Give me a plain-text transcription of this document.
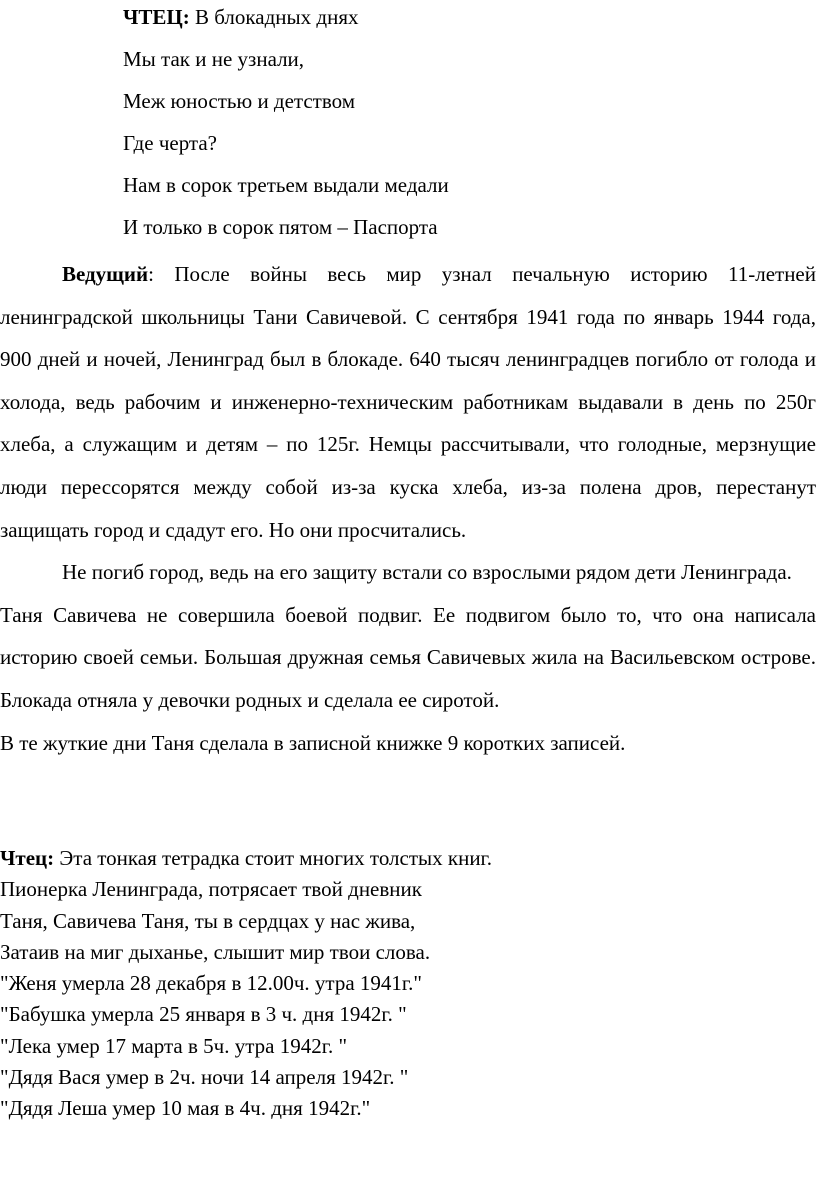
ЧТЕЦ: В блокадных днях
Мы так и не узнали,
Меж юностью и детством
Где черта?
Нам в сорок третьем выдали медали
И только в сорок пятом – Паспорта

Ведущий: После войны весь мир узнал печальную историю 11-летней ленинградской школьницы Тани Савичевой. С сентября 1941 года по январь 1944 года, 900 дней и ночей, Ленинград был в блокаде. 640 тысяч ленинградцев погибло от голода и холода, ведь рабочим и инженерно-техническим работникам выдавали в день по 250г хлеба, а служащим и детям – по 125г. Немцы рассчитывали, что голодные, мерзнущие люди перессорятся между собой из-за куска хлеба, из-за полена дров, перестанут защищать город и сдадут его. Но они просчитались.

Не погиб город, ведь на его защиту встали со взрослыми рядом дети Ленинграда.

Таня Савичева не совершила боевой подвиг. Ее подвигом было то, что она написала историю своей семьи. Большая дружная семья Савичевых жила на Васильевском острове. Блокада отняла у девочки родных и сделала ее сиротой.

В те жуткие дни Таня сделала в записной книжке 9 коротких записей.

Чтец: Эта тонкая тетрадка стоит многих толстых книг.
Пионерка Ленинграда, потрясает твой дневник
Таня, Савичева Таня, ты в сердцах у нас жива,
Затаив на миг дыханье, слышит мир твои слова.
"Женя умерла 28 декабря в 12.00ч. утра 1941г."
"Бабушка умерла 25 января в 3 ч. дня 1942г. "
"Лека умер 17 марта в 5ч. утра 1942г. "
"Дядя Вася умер в 2ч. ночи 14 апреля 1942г. "
"Дядя Леша умер 10 мая в 4ч. дня 1942г."
